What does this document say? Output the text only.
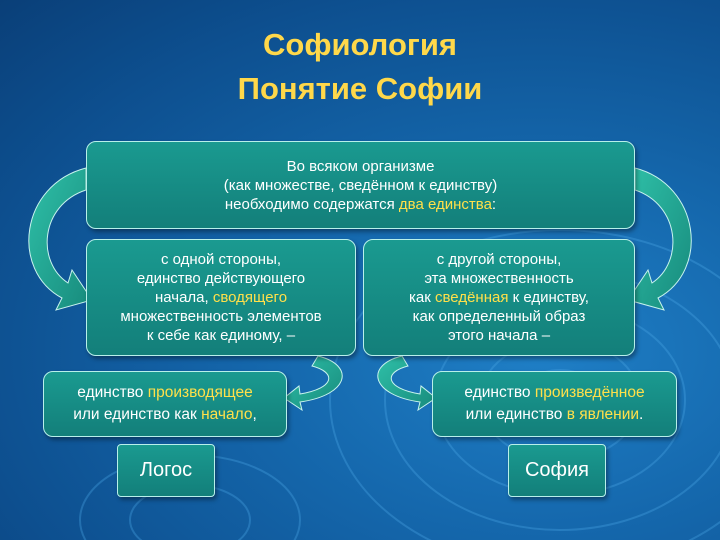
Софиология
Понятие Софии
Во всяком организме
(как множестве, сведённом к единству)
необходимо содержатся два единства:
с одной стороны,
единство действующего
начала, сводящего
множественность элементов
к себе как единому, –
с другой стороны,
эта множественность
как сведённая к единству,
как определенный образ
этого начала –
единство производящее
или единство как начало,
единство произведённое
или единство в явлении.
Логос	София
